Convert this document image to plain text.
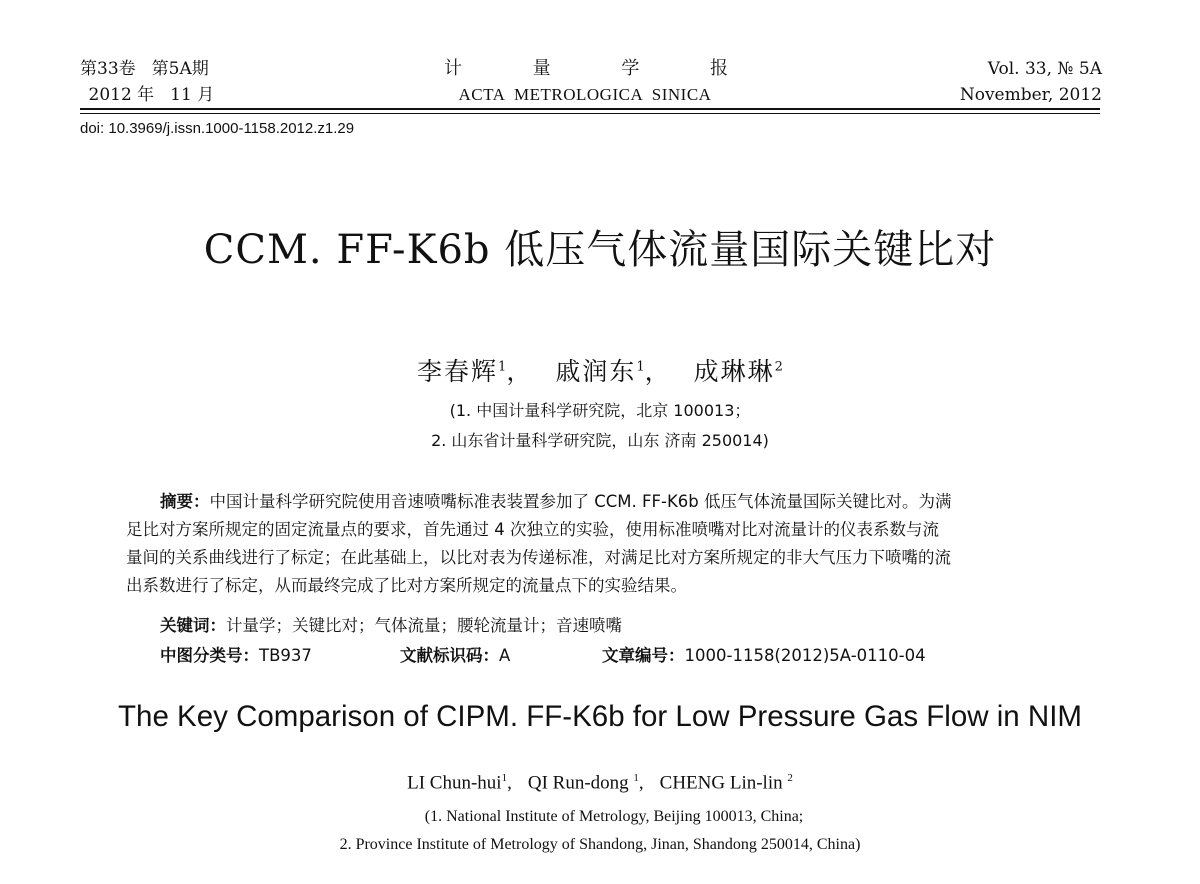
第33卷 第5A期
 2012 年 11 月
计	量	学	报
ACTA  METROLOGICA  SINICA
Vol. 33, № 5A
November, 2012
doi: 10.3969/j.issn.1000-1158.2012.z1.29
CCM. FF-K6b 低压气体流量国际关键比对
李春辉$^1$， 戚润东$^1$， 成琳琳$^2$
(1. 中国计量科学研究院，北京 100013；
2. 山东省计量科学研究院，山东 济南 250014)
摘要：中国计量科学研究院使用音速喷嘴标准表装置参加了 CCM. FF-K6b 低压气体流量国际关键比对。为满
足比对方案所规定的固定流量点的要求，首先通过 4 次独立的实验，使用标准喷嘴对比对流量计的仪表系数与流
量间的关系曲线进行了标定；在此基础上，以比对表为传递标准，对满足比对方案所规定的非大气压力下喷嘴的流
出系数进行了标定，从而最终完成了比对方案所规定的流量点下的实验结果。
关键词：计量学；关键比对；气体流量；腰轮流量计；音速喷嘴
中图分类号：TB937	文献标识码：A	文章编号：1000-1158(2012)5A-0110-04
The Key Comparison of CIPM. FF-K6b for Low Pressure Gas Flow in NIM
LI Chun-hui$^1$, QI Run-dong $^1$, CHENG Lin-lin $^2$
(1. National Institute of Metrology, Beijing 100013, China;
2. Province Institute of Metrology of Shandong, Jinan, Shandong 250014, China)
